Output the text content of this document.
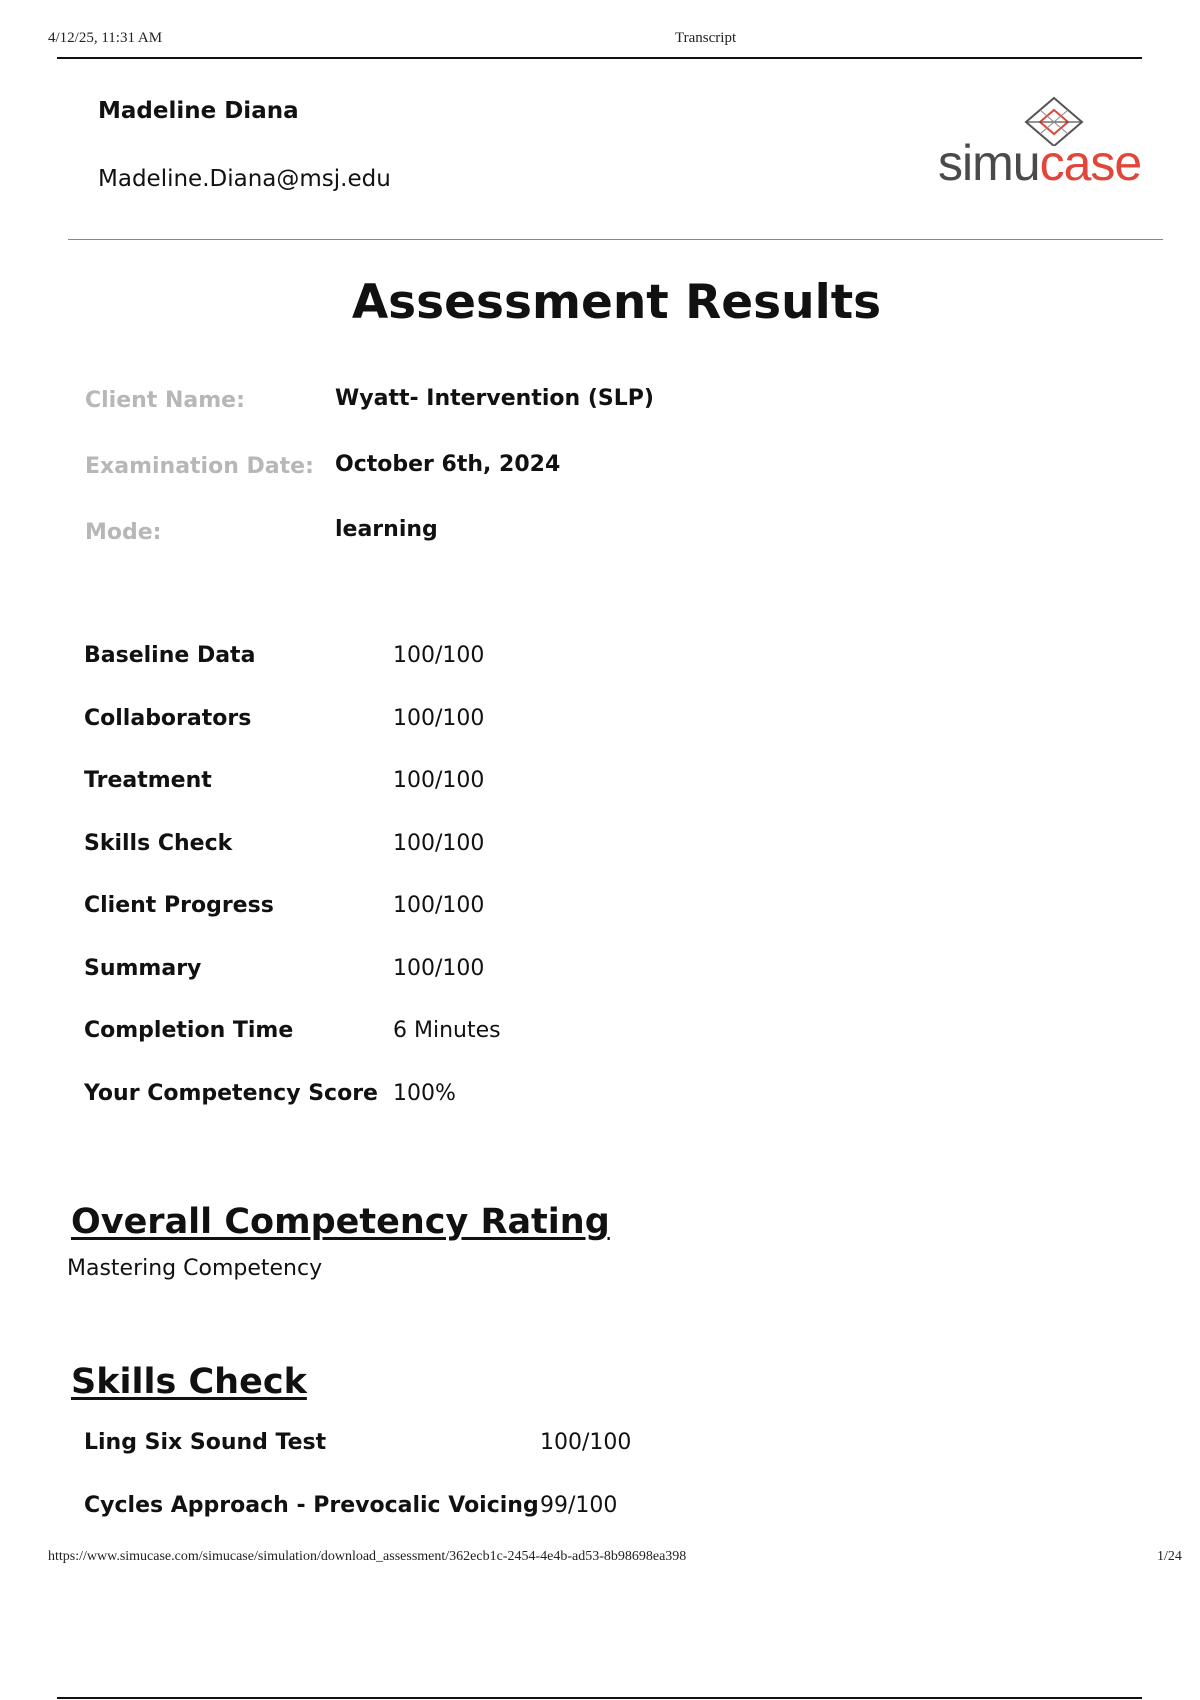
4/12/25, 11:31 AM	Transcript
Madeline Diana
Madeline.Diana@msj.edu	simucase
Assessment Results
Client Name:	Wyatt- Intervention (SLP)
Examination Date: October 6th, 2024
Mode:	learning
Baseline Data	100/100
Collaborators	100/100
Treatment	100/100
Skills Check	100/100
Client Progress	100/100
Summary	100/100
Completion Time	6 Minutes
Your Competency Score 100%
Overall Competency Rating
Mastering Competency
Skills Check
Ling Six Sound Test	100/100
Cycles Approach - Prevocalic Voicing 99/100
https://www.simucase.com/simucase/simulation/download_assessment/362ecb1c-2454-4e4b-ad53-8b98698ea398	1/24
